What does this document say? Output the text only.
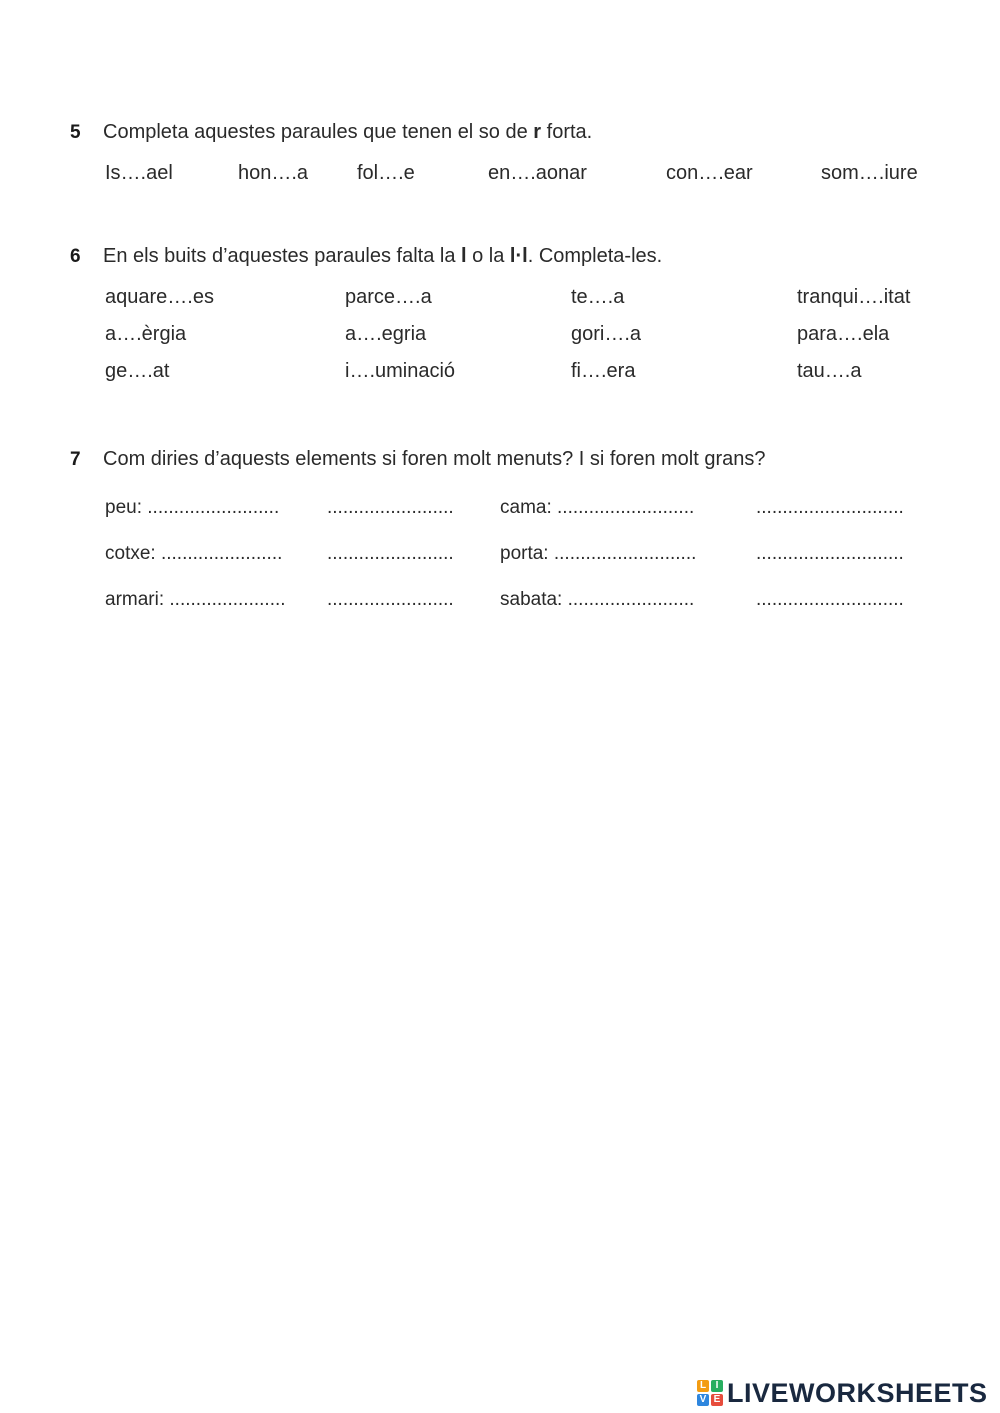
5 Completa aquestes paraules que tenen el so de r forta.
Is….ael	hon….a fol….e	en….aonar	con….ear	som….iure
6 En els buits d’aquestes paraules falta la l o la l·l. Completa-les.
aquare….es	parce….a	te….a	tranqui….itat
a….èrgia	a….egria	gori….a	para….ela
ge….at	i….uminació	fi….era	tau….a
7 Com diries d’aquests elements si foren molt menuts? I si foren molt grans?
peu: .........................	........................ cama: ..........................	............................
cotxe: ....................... ........................ porta: ...........................	............................
armari: ...................... ........................ sabata: ........................	............................
L I
V E LIVEWORKSHEETS
